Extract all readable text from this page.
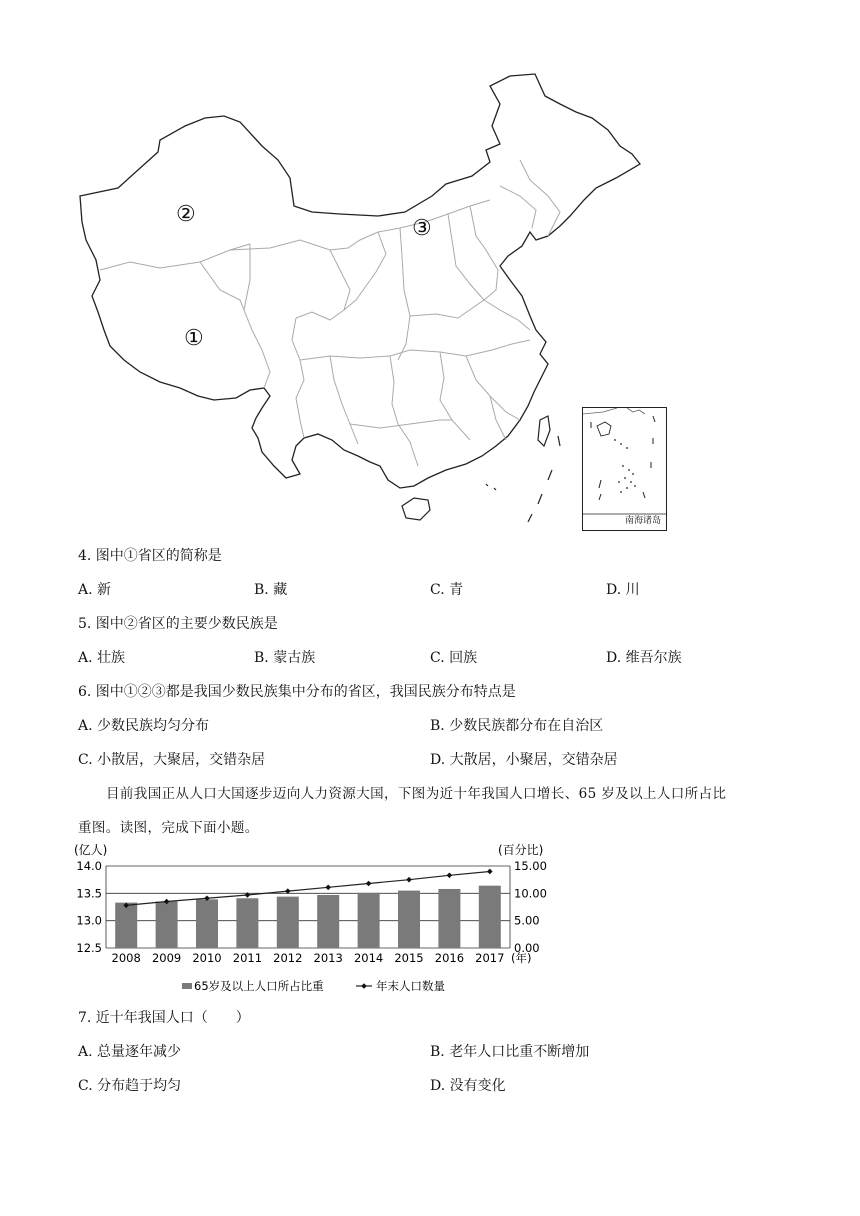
①
②
③
南海诸岛
4. 图中①省区的简称是
A. 新	B. 藏	C. 青	D. 川
5. 图中②省区的主要少数民族是
A. 壮族	B. 蒙古族	C. 回族	D. 维吾尔族
6. 图中①②③都是我国少数民族集中分布的省区，我国民族分布特点是
A. 少数民族均匀分布	B. 少数民族都分布在自治区
C. 小散居，大聚居，交错杂居	D. 大散居，小聚居，交错杂居
目前我国正从人口大国逐步迈向人力资源大国，下图为近十年我国人口增长、65 岁及以上人口所占比
重图。读图，完成下面小题。
(亿人)	(百分比)
14.0
13.5
13.0
12.5
15.00
10.00
5.00
0.00
2008 2009 2010 2011 2012 2013 2014 2015 2016 2017 (年)
65岁及以上人口所占比重	年末人口数量
7. 近十年我国人口（　　）
A. 总量逐年减少	B. 老年人口比重不断增加
C. 分布趋于均匀	D. 没有变化
